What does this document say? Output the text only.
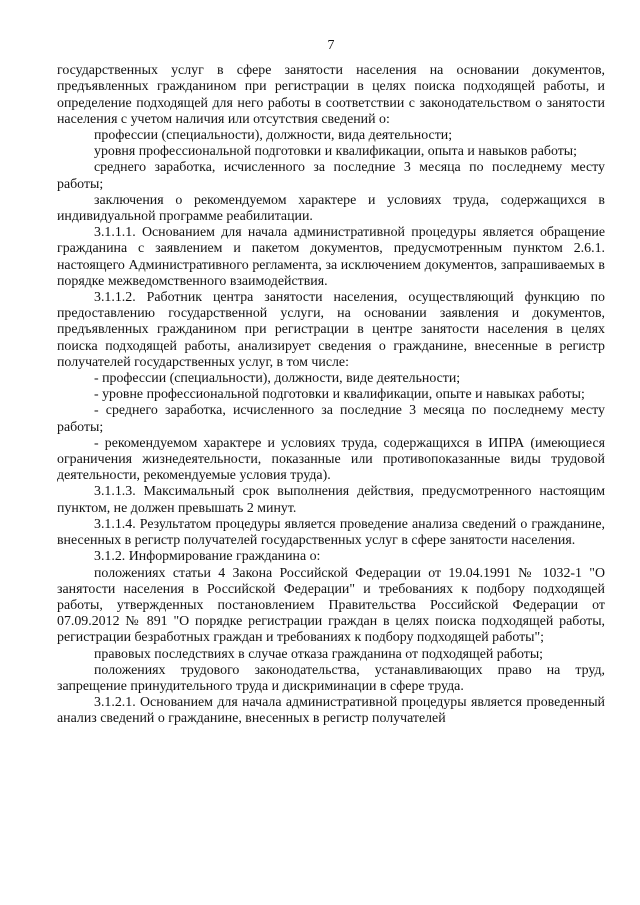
7

государственных услуг в сфере занятости населения на основании документов, предъявленных гражданином при регистрации в целях поиска подходящей работы, и определение подходящей для него работы в соответствии с законодательством о занятости населения с учетом наличия или отсутствия сведений о:

профессии (специальности), должности, вида деятельности;

уровня профессиональной подготовки и квалификации, опыта и навыков работы;

среднего заработка, исчисленного за последние 3 месяца по последнему месту работы;

заключения о рекомендуемом характере и условиях труда, содержащихся в индивидуальной программе реабилитации.

3.1.1.1. Основанием для начала административной процедуры является обращение гражданина с заявлением и пакетом документов, предусмотренным пунктом 2.6.1. настоящего Административного регламента, за исключением документов, запрашиваемых в порядке межведомственного взаимодействия.

3.1.1.2. Работник центра занятости населения, осуществляющий функцию по предоставлению государственной услуги, на основании заявления и документов, предъявленных гражданином при регистрации в центре занятости населения в целях поиска подходящей работы, анализирует сведения о гражданине, внесенные в регистр получателей государственных услуг, в том числе:

- профессии (специальности), должности, виде деятельности;

- уровне профессиональной подготовки и квалификации, опыте и навыках работы;

- среднего заработка, исчисленного за последние 3 месяца по последнему месту работы;

- рекомендуемом характере и условиях труда, содержащихся в ИПРА (имеющиеся ограничения жизнедеятельности, показанные или противопоказанные виды трудовой деятельности, рекомендуемые условия труда).

3.1.1.3. Максимальный срок выполнения действия, предусмотренного настоящим пунктом, не должен превышать 2 минут.

3.1.1.4. Результатом процедуры является проведение анализа сведений о гражданине, внесенных в регистр получателей государственных услуг в сфере занятости населения.

3.1.2. Информирование гражданина о:

положениях статьи 4 Закона Российской Федерации от 19.04.1991 № 1032-1 "О занятости населения в Российской Федерации" и требованиях к подбору подходящей работы, утвержденных постановлением Правительства Российской Федерации от 07.09.2012 № 891 "О порядке регистрации граждан в целях поиска подходящей работы, регистрации безработных граждан и требованиях к подбору подходящей работы";

правовых последствиях в случае отказа гражданина от подходящей работы;

положениях трудового законодательства, устанавливающих право на труд, запрещение принудительного труда и дискриминации в сфере труда.

3.1.2.1. Основанием для начала административной процедуры является проведенный анализ сведений о гражданине, внесенных в регистр получателей
